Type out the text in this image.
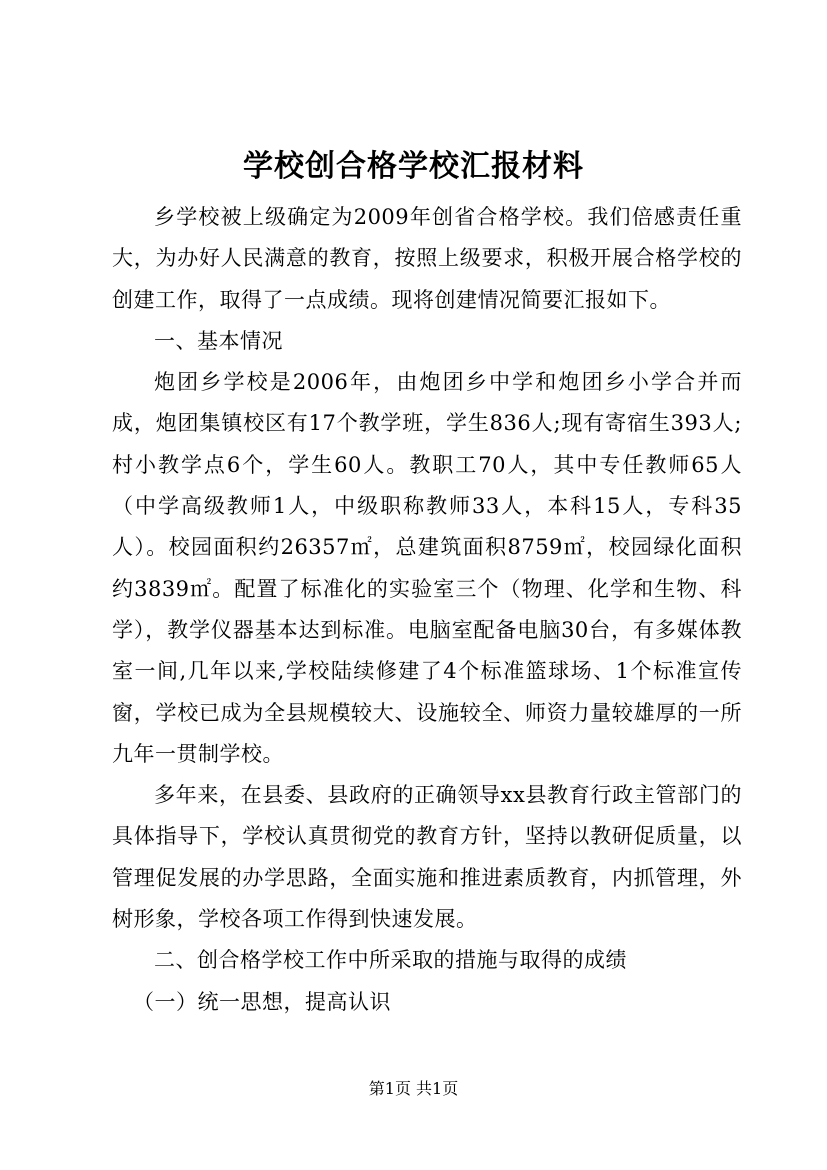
学校创合格学校汇报材料

乡学校被上级确定为2009年创省合格学校。我们倍感责任重大，为办好人民满意的教育，按照上级要求，积极开展合格学校的创建工作，取得了一点成绩。现将创建情况简要汇报如下。

一、基本情况

炮团乡学校是2006年，由炮团乡中学和炮团乡小学合并而成，炮团集镇校区有17个教学班，学生836人;现有寄宿生393人;村小教学点6个，学生60人。教职工70人，其中专任教师65人（中学高级教师1人，中级职称教师33人，本科15人，专科35人）。校园面积约26357㎡，总建筑面积8759㎡，校园绿化面积约3839㎡。配置了标准化的实验室三个（物理、化学和生物、科学），教学仪器基本达到标准。电脑室配备电脑30台，有多媒体教室一间,几年以来,学校陆续修建了4个标准篮球场、1个标准宣传窗，学校已成为全县规模较大、设施较全、师资力量较雄厚的一所九年一贯制学校。

多年来，在县委、县政府的正确领导xx县教育行政主管部门的具体指导下，学校认真贯彻党的教育方针，坚持以教研促质量，以管理促发展的办学思路，全面实施和推进素质教育，内抓管理，外树形象，学校各项工作得到快速发展。

二、创合格学校工作中所采取的措施与取得的成绩

（一）统一思想，提高认识

第1页 共1页
